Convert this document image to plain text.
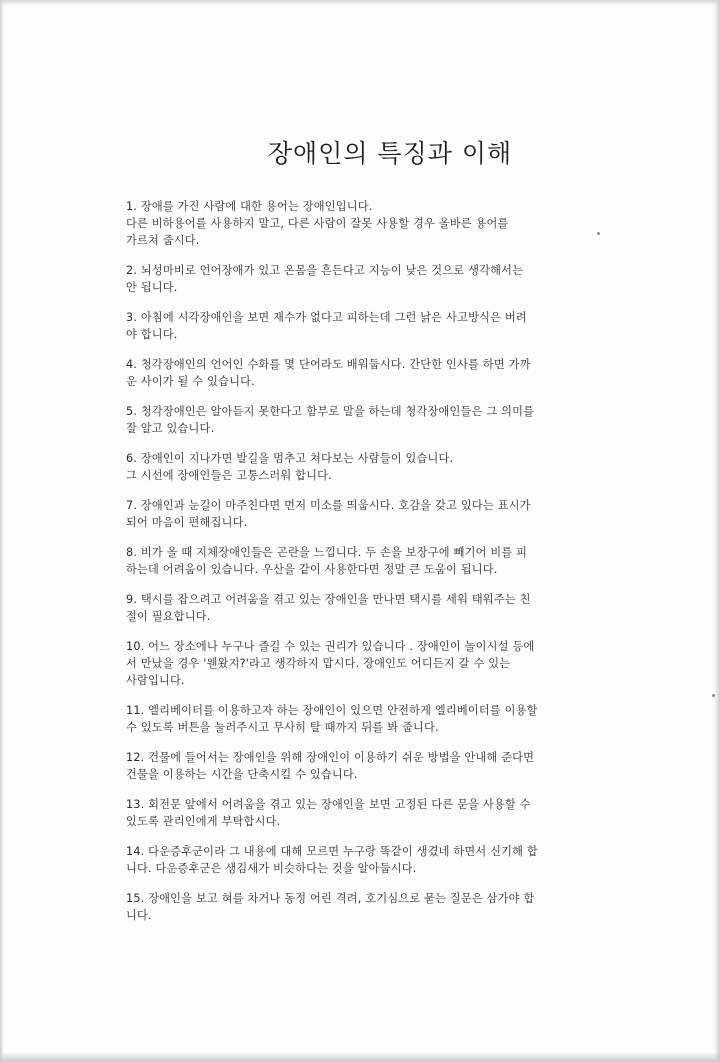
장애인의 특징과 이해
1. 장애를 가진 사람에 대한 용어는 장애인입니다.
다른 비하용어를 사용하지 말고, 다른 사람이 잘못 사용할 경우 올바른 용어를
가르쳐 줍시다.
2. 뇌성마비로 언어장애가 있고 온몸을 흔든다고 지능이 낮은 것으로 생각해서는
안 됩니다.
3. 아침에 시각장애인을 보면 재수가 없다고 피하는데 그런 낡은 사고방식은 버려
야 합니다.
4. 청각장애인의 언어인 수화를 몇 단어라도 배워둡시다. 간단한 인사를 하면 가까
운 사이가 될 수 있습니다.
5. 청각장애인은 알아듣지 못한다고 함부로 말을 하는데 청각장애인들은 그 의미를
잘 알고 있습니다.
6. 장애인이 지나가면 발길을 멈추고 쳐다보는 사람들이 있습니다.
그 시선에 장애인들은 고통스러워 합니다.
7. 장애인과 눈길이 마주친다면 먼저 미소를 띄웁시다. 호감을 갖고 있다는 표시가
되어 마음이 편해집니다.
8. 비가 올 때 지체장애인들은 곤란을 느낍니다. 두 손을 보장구에 빼기어 비를 피
하는데 어려움이 있습니다. 우산을 같이 사용한다면 정말 큰 도움이 됩니다.
9. 택시를 잡으려고 어려움을 겪고 있는 장애인을 만나면 택시를 세워 태워주는 친
절이 필요합니다.
10. 어느 장소에나 누구나 즐길 수 있는 권리가 있습니다 . 장애인이 놀이시설 등에
서 만났을 경우 '웬왔지?'라고 생각하지 맙시다. 장애인도 어디든지 갈 수 있는
사람입니다.
11. 엘리베이터를 이용하고자 하는 장애인이 있으면 안전하게 엘리베이터를 이용할
수 있도록 버튼을 눌러주시고 무사히 탈 때까지 뒤를 봐 줍니다.
12. 건물에 들어서는 장애인을 위해 장애인이 이용하기 쉬운 방법을 안내해 준다면
건물을 이용하는 시간을 단축시킬 수 있습니다.
13. 회전문 앞에서 어려움을 겪고 있는 장애인을 보면 고정된 다른 문을 사용할 수
있도록 관리인에게 부탁합시다.
14. 다운증후군이라 그 내용에 대해 모르면 누구랑 똑같이 생겼네 하면서 신기해 합
니다. 다운증후군은 생김새가 비슷하다는 것을 알아둡시다.
15. 장애인을 보고 혀를 차거나 동정 어린 격려, 호기심으로 묻는 질문은 삼가야 합
니다.
